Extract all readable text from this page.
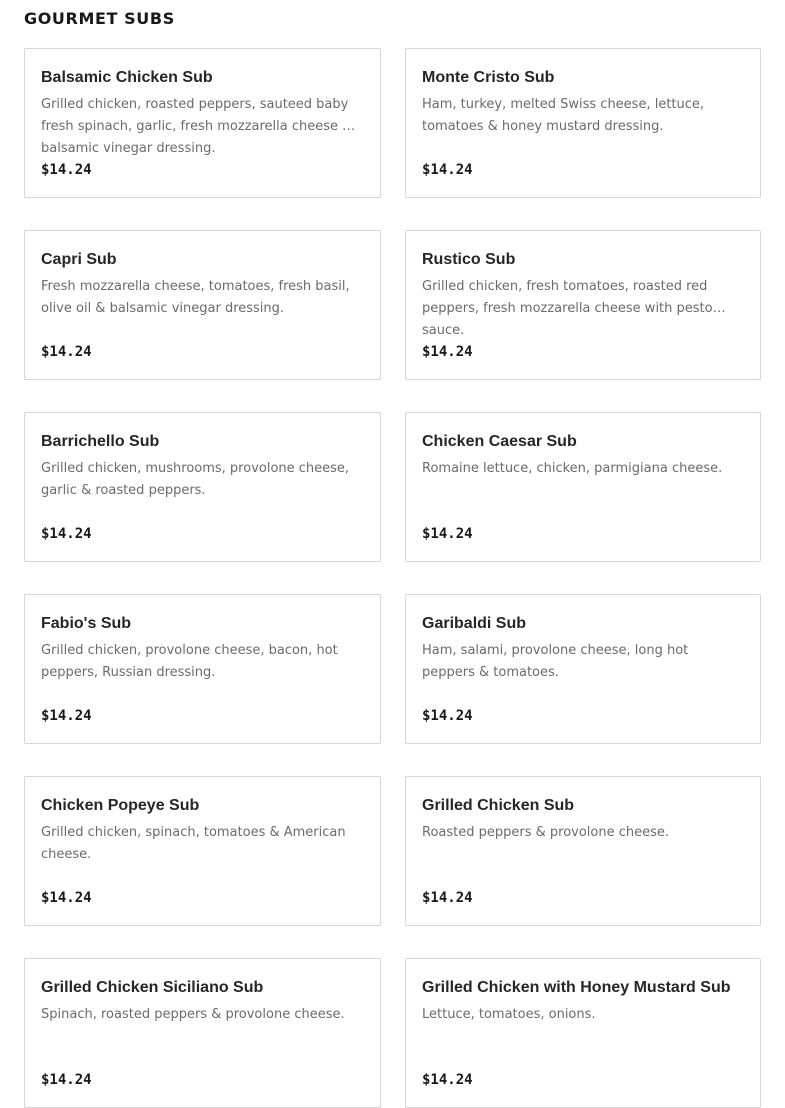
GOURMET SUBS
Balsamic Chicken Sub
Grilled chicken, roasted peppers, sauteed baby fresh spinach, garlic, fresh mozzarella cheese & balsamic vinegar dressing.
$14.24
Monte Cristo Sub
Ham, turkey, melted Swiss cheese, lettuce, tomatoes & honey mustard dressing.
$14.24
Capri Sub
Fresh mozzarella cheese, tomatoes, fresh basil, olive oil & balsamic vinegar dressing.
$14.24
Rustico Sub
Grilled chicken, fresh tomatoes, roasted red peppers, fresh mozzarella cheese with pesto sauce.
$14.24
Barrichello Sub
Grilled chicken, mushrooms, provolone cheese, garlic & roasted peppers.
$14.24
Chicken Caesar Sub
Romaine lettuce, chicken, parmigiana cheese.
$14.24
Fabio's Sub
Grilled chicken, provolone cheese, bacon, hot peppers, Russian dressing.
$14.24
Garibaldi Sub
Ham, salami, provolone cheese, long hot peppers & tomatoes.
$14.24
Chicken Popeye Sub
Grilled chicken, spinach, tomatoes & American cheese.
$14.24
Grilled Chicken Sub
Roasted peppers & provolone cheese.
$14.24
Grilled Chicken Siciliano Sub
Spinach, roasted peppers & provolone cheese.
$14.24
Grilled Chicken with Honey Mustard Sub
Lettuce, tomatoes, onions.
$14.24
